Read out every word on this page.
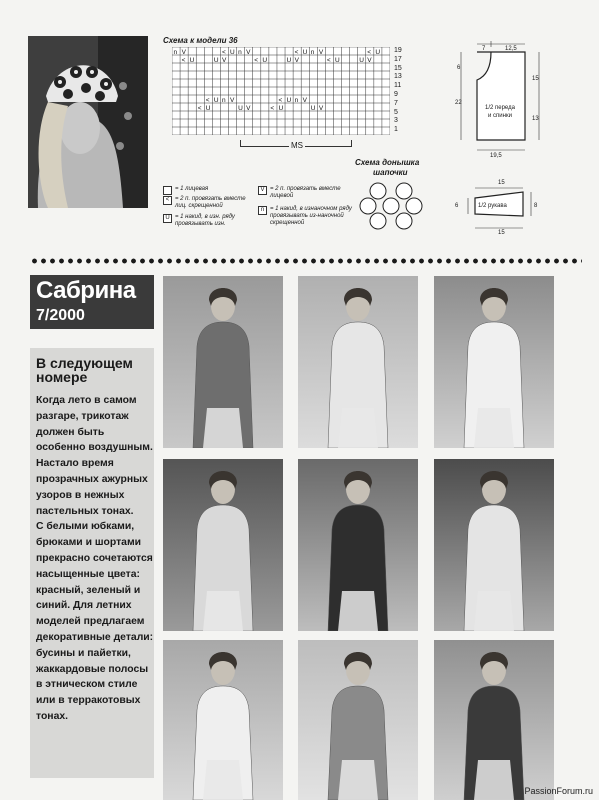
Схема к модели 36
n V	< U n V	< U n V	< U
< U	U V	< U	U V	< U	U V
< U n V	< U n V
< U	U V	< U	U V
19
17
15
13
11
9
7
5
3
1
MS
= 1 лицевая
< = 2 п. провязать вместе лиц. скрещенной
U = 1 накид, в изн. ряду провязывать изн.
V = 2 п. провязать вместе лицевой
n = 1 накид, в изнаночном ряду провязывать из-наночной скрещенной
Схема донышка
шапочки
7	12,5
6
22
15
13
19,5
1/2 переда
и спинки
15
6	8
15
1/2 рукава
Сабрина
7/2000
В следующем
номере
Когда лето в самом
разгаре, трикотаж
должен быть
особенно воздушным.
Настало время
прозрачных ажурных
узоров в нежных
пастельных тонах.
С белыми юбками,
брюками и шортами
прекрасно сочетаются
насыщенные цвета:
красный, зеленый и
синий. Для летних
моделей предлагаем
декоративные детали:
бусины и пайетки,
жаккардовые полосы
в этническом стиле
или в терракотовых
тонах.
PassionForum.ru
